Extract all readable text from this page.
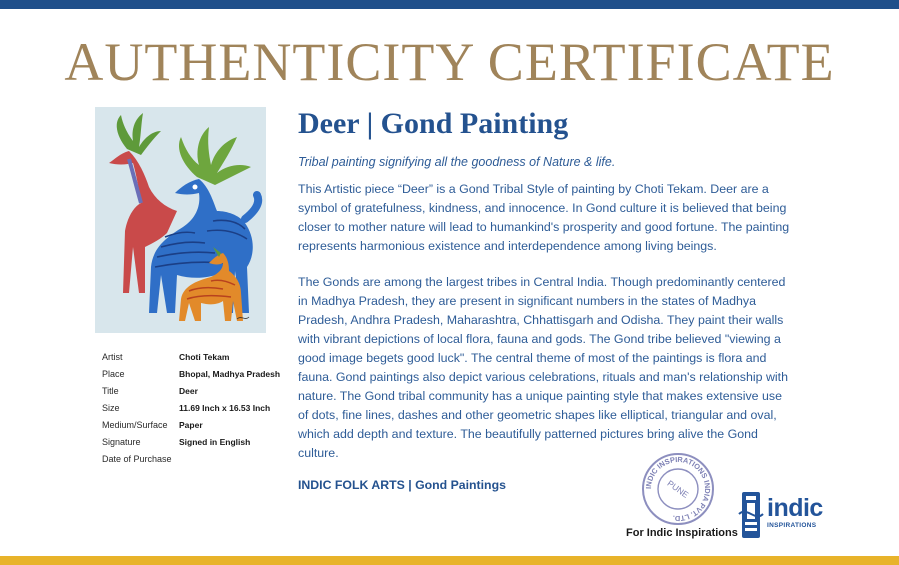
AUTHENTICITY CERTIFICATE
Artist	Choti Tekam
Place	Bhopal, Madhya Pradesh
Title	Deer
Size	11.69 Inch x 16.53 Inch
Medium/Surface	Paper
Signature	Signed in English
Date of Purchase
Deer | Gond Painting

Tribal painting signifying all the goodness of Nature & life.

This Artistic piece “Deer” is a Gond Tribal Style of painting by Choti Tekam. Deer are a symbol of gratefulness, kindness, and innocence. In Gond culture it is believed that being closer to mother nature will lead to humankind's prosperity and good fortune. The painting represents harmonious existence and interdependence among living beings.

The Gonds are among the largest tribes in Central India. Though predominantly centered in Madhya Pradesh, they are present in significant numbers in the states of Madhya Pradesh, Andhra Pradesh, Maharashtra, Chhattisgarh and Odisha. They paint their walls with vibrant depictions of local flora, fauna and gods. The Gond tribe believed "viewing a good image begets good luck". The central theme of most of the paintings is flora and fauna. Gond paintings also depict various celebrations, rituals and man's relationship with nature. The Gond tribal community has a unique painting style that makes extensive use of dots, fine lines, dashes and other geometric shapes like elliptical, triangular and oval, which add depth and texture. The beautifully patterned pictures bring alive the Gond culture.

INDIC FOLK ARTS | Gond Paintings	INDIC INSPIRATIONS INDIA PVT. LTD.
PUNE
For Indic Inspirations
indic
INSPIRATIONS
